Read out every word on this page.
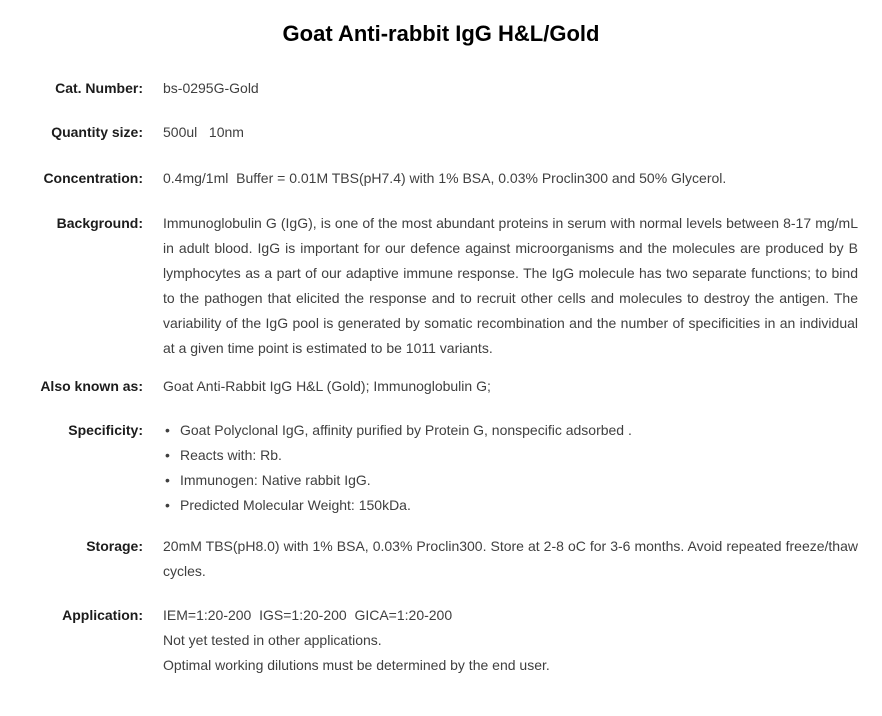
Goat Anti-rabbit IgG H&L/Gold
Cat. Number: bs-0295G-Gold
Quantity size: 500ul   10nm
Concentration: 0.4mg/1ml  Buffer = 0.01M TBS(pH7.4) with 1% BSA, 0.03% Proclin300 and 50% Glycerol.
Background: Immunoglobulin G (IgG), is one of the most abundant proteins in serum with normal levels between 8-17 mg/mL in adult blood. IgG is important for our defence against microorganisms and the molecules are produced by B lymphocytes as a part of our adaptive immune response. The IgG molecule has two separate functions; to bind to the pathogen that elicited the response and to recruit other cells and molecules to destroy the antigen. The variability of the IgG pool is generated by somatic recombination and the number of specificities in an individual at a given time point is estimated to be 1011 variants.
Also known as: Goat Anti-Rabbit IgG H&L (Gold); Immunoglobulin G;
Specificity:	• Goat Polyclonal IgG, affinity purified by Protein G, nonspecific adsorbed .
• Reacts with: Rb.
• Immunogen: Native rabbit IgG.
• Predicted Molecular Weight: 150kDa.
Storage: 20mM TBS(pH8.0) with 1% BSA, 0.03% Proclin300. Store at 2-8 oC for 3-6 months. Avoid repeated freeze/thaw cycles.
Application: IEM=1:20-200  IGS=1:20-200  GICA=1:20-200
Not yet tested in other applications.
Optimal working dilutions must be determined by the end user.
